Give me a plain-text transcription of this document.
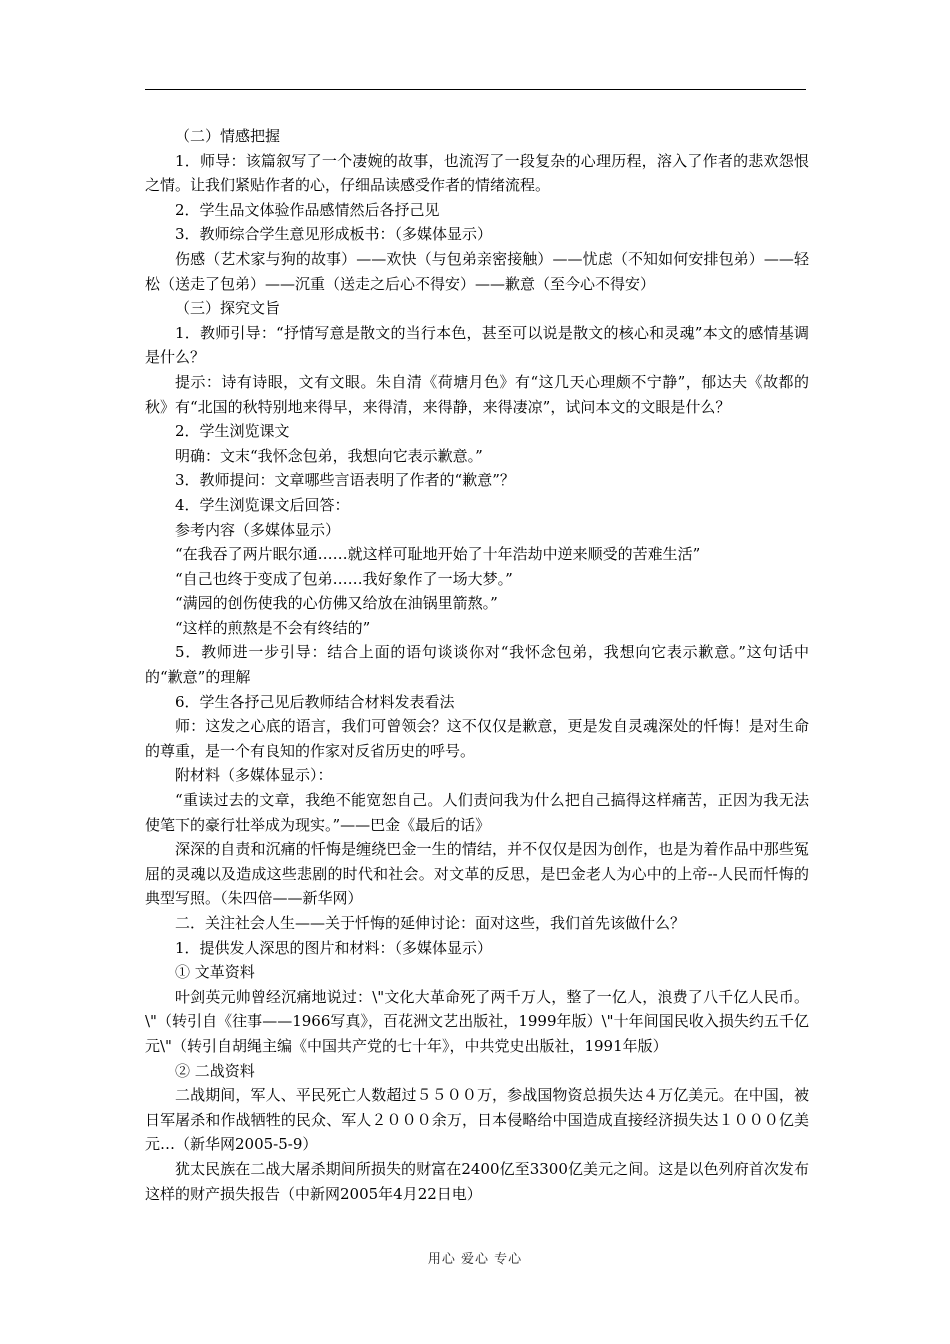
（二）情感把握

1．师导：该篇叙写了一个凄婉的故事，也流泻了一段复杂的心理历程，溶入了作者的悲欢怨恨之情。让我们紧贴作者的心，仔细品读感受作者的情绪流程。

2．学生品文体验作品感情然后各抒己见

3．教师综合学生意见形成板书：（多媒体显示）

伤感（艺术家与狗的故事）——欢快（与包弟亲密接触）——忧虑（不知如何安排包弟）——轻松（送走了包弟）——沉重（送走之后心不得安）——歉意（至今心不得安）

（三）探究文旨

1．教师引导：“抒情写意是散文的当行本色，甚至可以说是散文的核心和灵魂”本文的感情基调是什么？

提示：诗有诗眼，文有文眼。朱自清《荷塘月色》有“这几天心理颇不宁静”，郁达夫《故都的秋》有“北国的秋特别地来得早，来得清，来得静，来得凄凉”，试问本文的文眼是什么？

2．学生浏览课文

明确：文末“我怀念包弟，我想向它表示歉意。”

3．教师提问：文章哪些言语表明了作者的“歉意”？

4．学生浏览课文后回答：

参考内容（多媒体显示）

“在我吞了两片眠尔通……就这样可耻地开始了十年浩劫中逆来顺受的苦难生活”

“自己也终于变成了包弟……我好象作了一场大梦。”

“满园的创伤使我的心仿佛又给放在油锅里箭熬。”

“这样的煎熬是不会有终结的”

5．教师进一步引导：结合上面的语句谈谈你对“我怀念包弟，我想向它表示歉意。”这句话中的“歉意”的理解

6．学生各抒己见后教师结合材料发表看法

师：这发之心底的语言，我们可曾领会？这不仅仅是歉意，更是发自灵魂深处的忏悔！是对生命的尊重，是一个有良知的作家对反省历史的呼号。

附材料（多媒体显示）：

“重读过去的文章，我绝不能宽恕自己。人们责问我为什么把自己搞得这样痛苦，正因为我无法使笔下的豪行壮举成为现实。”——巴金《最后的话》

深深的自责和沉痛的忏悔是缠绕巴金一生的情结，并不仅仅是因为创作，也是为着作品中那些冤屈的灵魂以及造成这些悲剧的时代和社会。对文革的反思，是巴金老人为心中的上帝--人民而忏悔的典型写照。（朱四倍——新华网）

二．关注社会人生——关于忏悔的延伸讨论：面对这些，我们首先该做什么？

1．提供发人深思的图片和材料：（多媒体显示）

① 文革资料

叶剑英元帅曾经沉痛地说过：\"文化大革命死了两千万人，整了一亿人，浪费了八千亿人民币。\"（转引自《往事——1966写真》，百花洲文艺出版社，1999年版）\"十年间国民收入损失约五千亿元\"（转引自胡绳主编《中国共产党的七十年》，中共党史出版社，1991年版）

② 二战资料

二战期间，军人、平民死亡人数超过５５００万，参战国物资总损失达４万亿美元。在中国，被日军屠杀和作战牺牲的民众、军人２０００余万，日本侵略给中国造成直接经济损失达１０００亿美元…（新华网2005-5-9）

犹太民族在二战大屠杀期间所损失的财富在2400亿至3300亿美元之间。这是以色列府首次发布这样的财产损失报告（中新网2005年4月22日电）

用心 爱心 专心
